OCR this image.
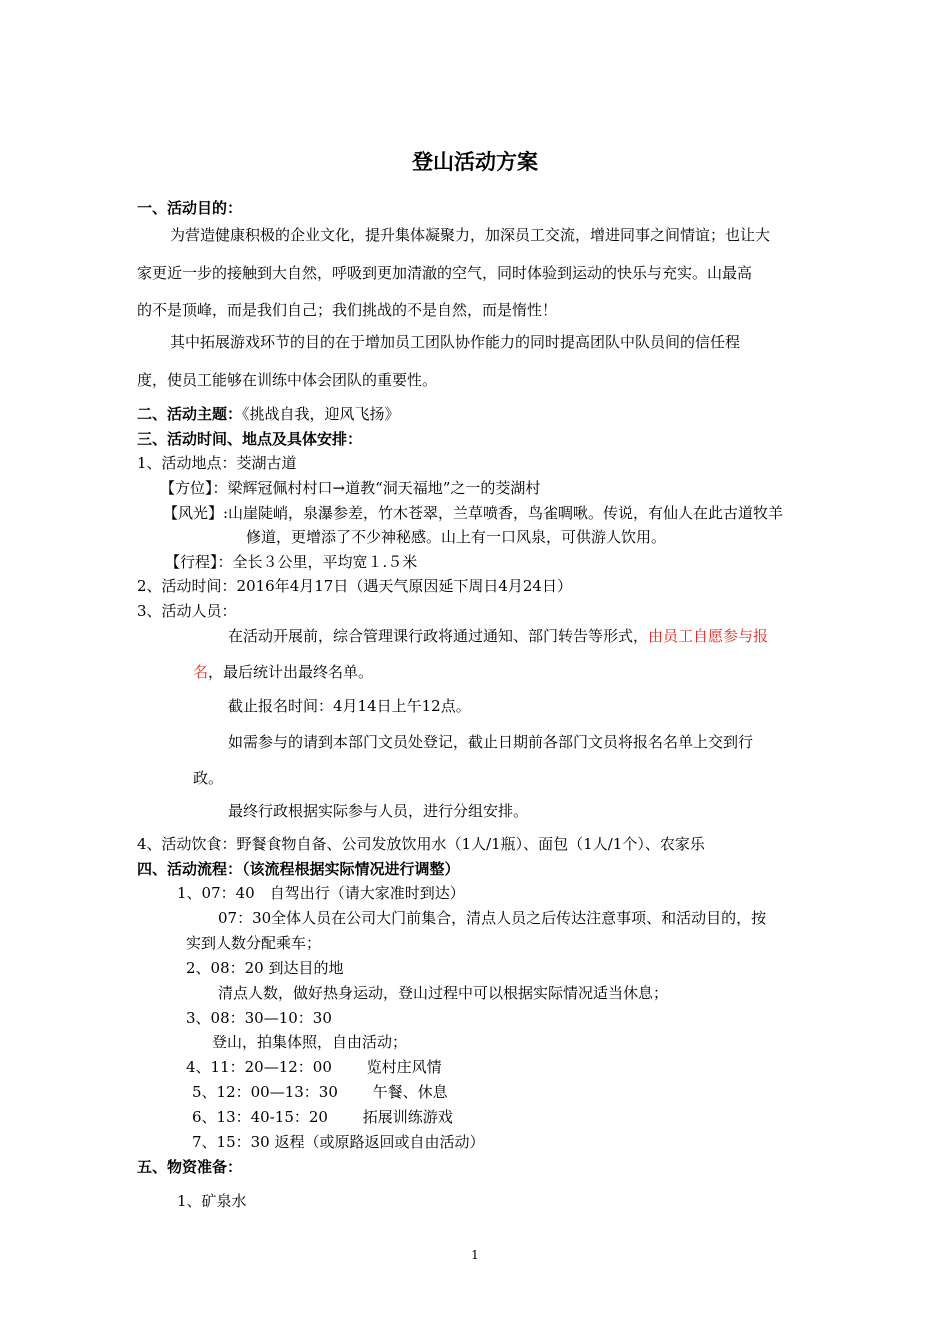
登山活动方案
一、活动目的：
为营造健康积极的企业文化，提升集体凝聚力，加深员工交流，增进同事之间情谊；也让大
家更近一步的接触到大自然，呼吸到更加清澈的空气，同时体验到运动的快乐与充实。山最高
的不是顶峰，而是我们自己；我们挑战的不是自然，而是惰性！
其中拓展游戏环节的目的在于增加员工团队协作能力的同时提高团队中队员间的信任程
度，使员工能够在训练中体会团队的重要性。
二、活动主题：《挑战自我，迎风飞扬》
三、活动时间、地点及具体安排：
1、活动地点：茭湖古道
【方位】：梁辉冠佩村村口→道教“洞天福地”之一的茭湖村
【风光】:山崖陡峭，泉瀑参差，竹木苍翠，兰草喷香，鸟雀啁啾。传说，有仙人在此古道牧羊
修道，更增添了不少神秘感。山上有一口风泉，可供游人饮用。
【行程】：全长３公里，平均宽１.５米
2、活动时间：2016年4月17日（遇天气原因延下周日4月24日）
3、活动人员：
在活动开展前，综合管理课行政将通过通知、部门转告等形式，由员工自愿参与报
名，最后统计出最终名单。
截止报名时间：4月14日上午12点。
如需参与的请到本部门文员处登记，截止日期前各部门文员将报名名单上交到行
政。
最终行政根据实际参与人员，进行分组安排。
4、活动饮食：野餐食物自备、公司发放饮用水（1人/1瓶）、面包（1人/1个）、农家乐
四、活动流程：（该流程根据实际情况进行调整）
1、07：40　自驾出行（请大家准时到达）
07：30全体人员在公司大门前集合，清点人员之后传达注意事项、和活动目的，按
实到人数分配乘车；
2、08：20 到达目的地
清点人数，做好热身运动，登山过程中可以根据实际情况适当休息；
3、08：30—10：30
登山，拍集体照，自由活动；
4、11：20—12：00　　 览村庄风情
5、12：00—13：30　　 午餐、休息
6、13：40-15：20　　 拓展训练游戏
7、15：30 返程（或原路返回或自由活动）
五、物资准备：
1、矿泉水
1
